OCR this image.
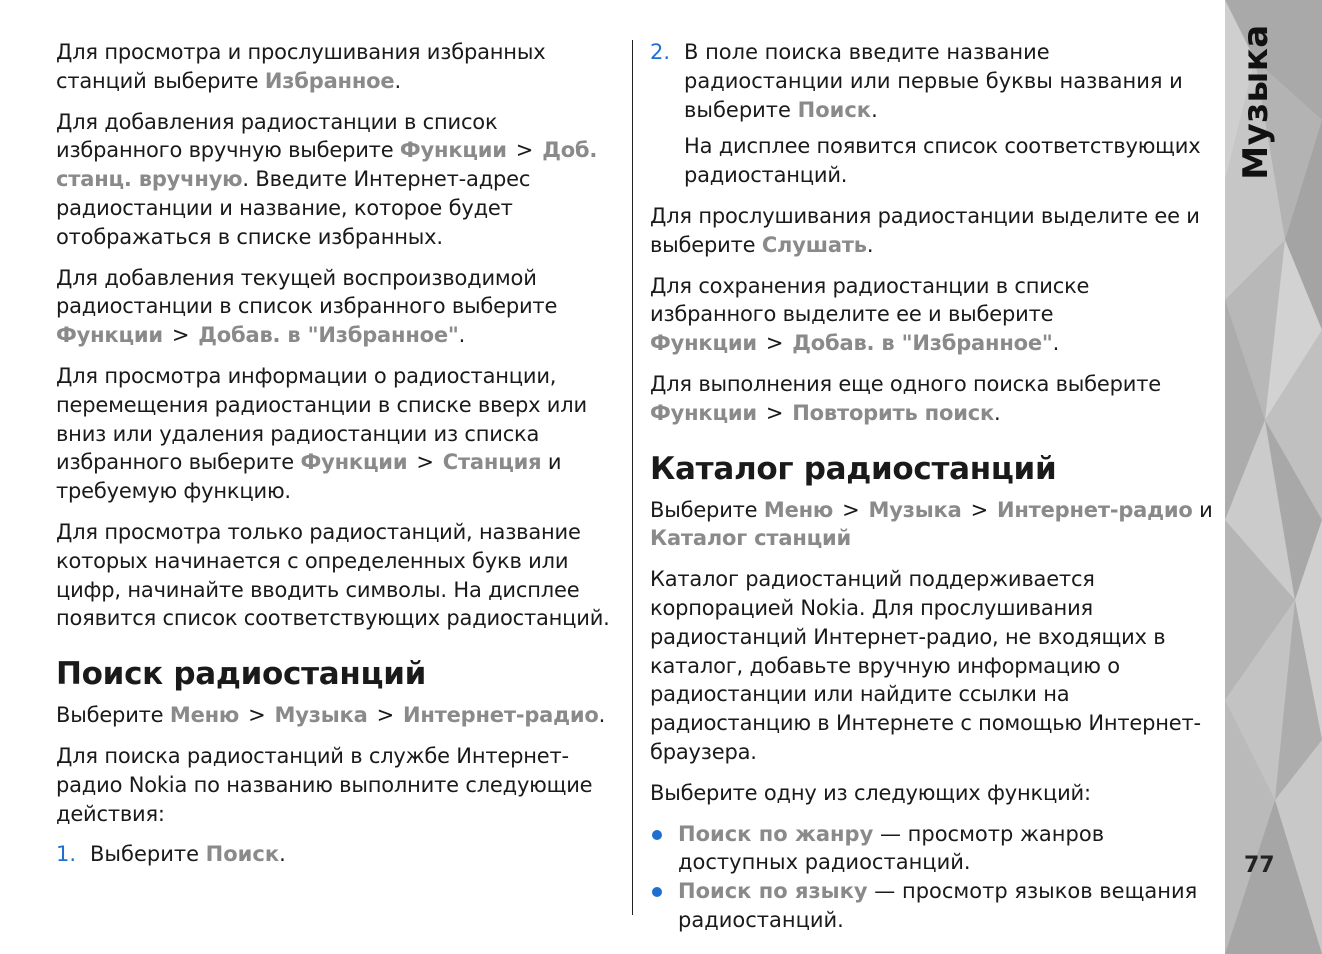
Для просмотра и прослушивания избранных станций выберите Избранное.

Для добавления радиостанции в список избранного вручную выберите Функции > Доб. станц. вручную. Введите Интернет-адрес радиостанции и название, которое будет отображаться в списке избранных.

Для добавления текущей воспроизводимой радиостанции в список избранного выберите Функции > Добав. в "Избранное".

Для просмотра информации о радиостанции, перемещения радиостанции в списке вверх или вниз или удаления радиостанции из списка избранного выберите Функции > Станция и требуемую функцию.

Для просмотра только радиостанций, название которых начинается с определенных букв или цифр, начинайте вводить символы. На дисплее появится список соответствующих радиостанций.

Поиск радиостанций

Выберите Меню > Музыка > Интернет-радио.

Для поиска радиостанций в службе Интернет-радио Nokia по названию выполните следующие действия:

1. Выберите Поиск.
2. В поле поиска введите название радиостанции или первые буквы названия и выберите Поиск.

На дисплее появится список соответствующих радиостанций.

Для прослушивания радиостанции выделите ее и выберите Слушать.

Для сохранения радиостанции в списке избранного выделите ее и выберите Функции > Добав. в "Избранное".

Для выполнения еще одного поиска выберите Функции > Повторить поиск.

Каталог радиостанций

Выберите Меню > Музыка > Интернет-радио и Каталог станций

Каталог радиостанций поддерживается корпорацией Nokia. Для прослушивания радиостанций Интернет-радио, не входящих в каталог, добавьте вручную информацию о радиостанции или найдите ссылки на радиостанцию в Интернете с помощью Интернет-браузера.

Выберите одну из следующих функций:

Поиск по жанру — просмотр жанров доступных радиостанций.
Поиск по языку — просмотр языков вещания радиостанций.
Музыка
77
